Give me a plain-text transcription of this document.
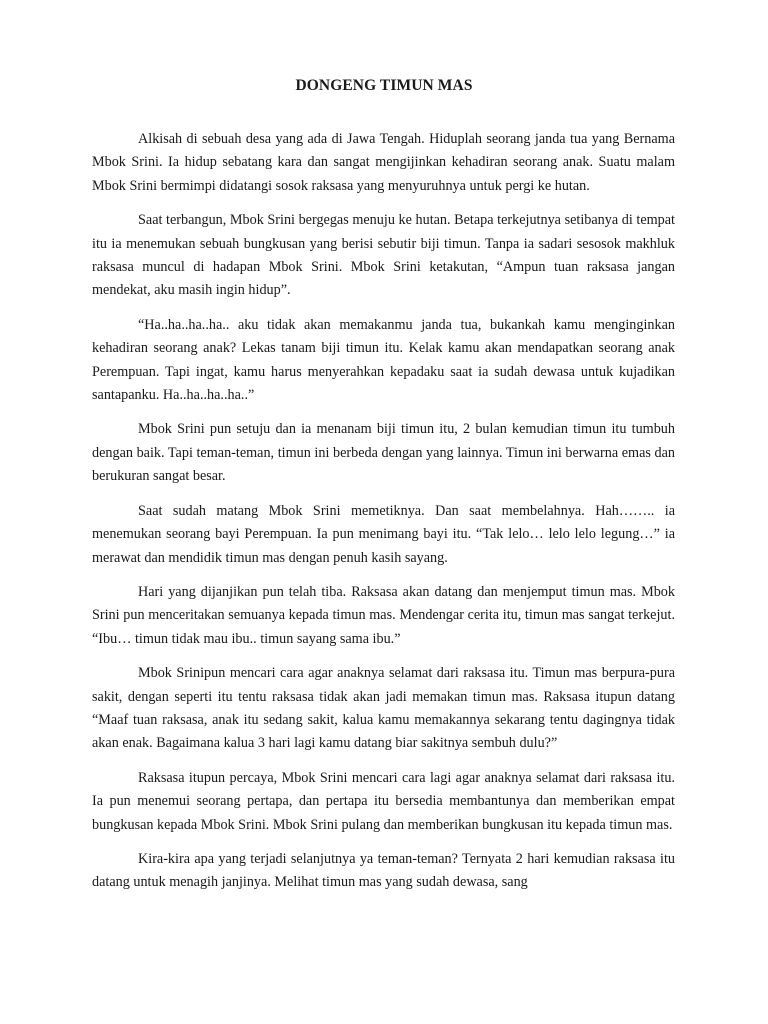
DONGENG TIMUN MAS

Alkisah di sebuah desa yang ada di Jawa Tengah. Hiduplah seorang janda tua yang Bernama Mbok Srini. Ia hidup sebatang kara dan sangat mengijinkan kehadiran seorang anak. Suatu malam Mbok Srini bermimpi didatangi sosok raksasa yang menyuruhnya untuk pergi ke hutan.

Saat terbangun, Mbok Srini bergegas menuju ke hutan. Betapa terkejutnya setibanya di tempat itu ia menemukan sebuah bungkusan yang berisi sebutir biji timun. Tanpa ia sadari sesosok makhluk raksasa muncul di hadapan Mbok Srini. Mbok Srini ketakutan, “Ampun tuan raksasa jangan mendekat, aku masih ingin hidup”.

“Ha..ha..ha..ha.. aku tidak akan memakanmu janda tua, bukankah kamu menginginkan kehadiran seorang anak? Lekas tanam biji timun itu. Kelak kamu akan mendapatkan seorang anak Perempuan. Tapi ingat, kamu harus menyerahkan kepadaku saat ia sudah dewasa untuk kujadikan santapanku. Ha..ha..ha..ha..”

Mbok Srini pun setuju dan ia menanam biji timun itu, 2 bulan kemudian timun itu tumbuh dengan baik. Tapi teman-teman, timun ini berbeda dengan yang lainnya. Timun ini berwarna emas dan berukuran sangat besar.

Saat sudah matang Mbok Srini memetiknya. Dan saat membelahnya. Hah…….. ia menemukan seorang bayi Perempuan. Ia pun menimang bayi itu. “Tak lelo… lelo lelo legung…” ia merawat dan mendidik timun mas dengan penuh kasih sayang.

Hari yang dijanjikan pun telah tiba. Raksasa akan datang dan menjemput timun mas. Mbok Srini pun menceritakan semuanya kepada timun mas. Mendengar cerita itu, timun mas sangat terkejut. “Ibu… timun tidak mau ibu.. timun sayang sama ibu.”

Mbok Srinipun mencari cara agar anaknya selamat dari raksasa itu. Timun mas berpura-pura sakit, dengan seperti itu tentu raksasa tidak akan jadi memakan timun mas. Raksasa itupun datang “Maaf tuan raksasa, anak itu sedang sakit, kalua kamu memakannya sekarang tentu dagingnya tidak akan enak. Bagaimana kalua 3 hari lagi kamu datang biar sakitnya sembuh dulu?”

Raksasa itupun percaya, Mbok Srini mencari cara lagi agar anaknya selamat dari raksasa itu. Ia pun menemui seorang pertapa, dan pertapa itu bersedia membantunya dan memberikan empat bungkusan kepada Mbok Srini. Mbok Srini pulang dan memberikan bungkusan itu kepada timun mas.

Kira-kira apa yang terjadi selanjutnya ya teman-teman? Ternyata 2 hari kemudian raksasa itu datang untuk menagih janjinya. Melihat timun mas yang sudah dewasa, sang
